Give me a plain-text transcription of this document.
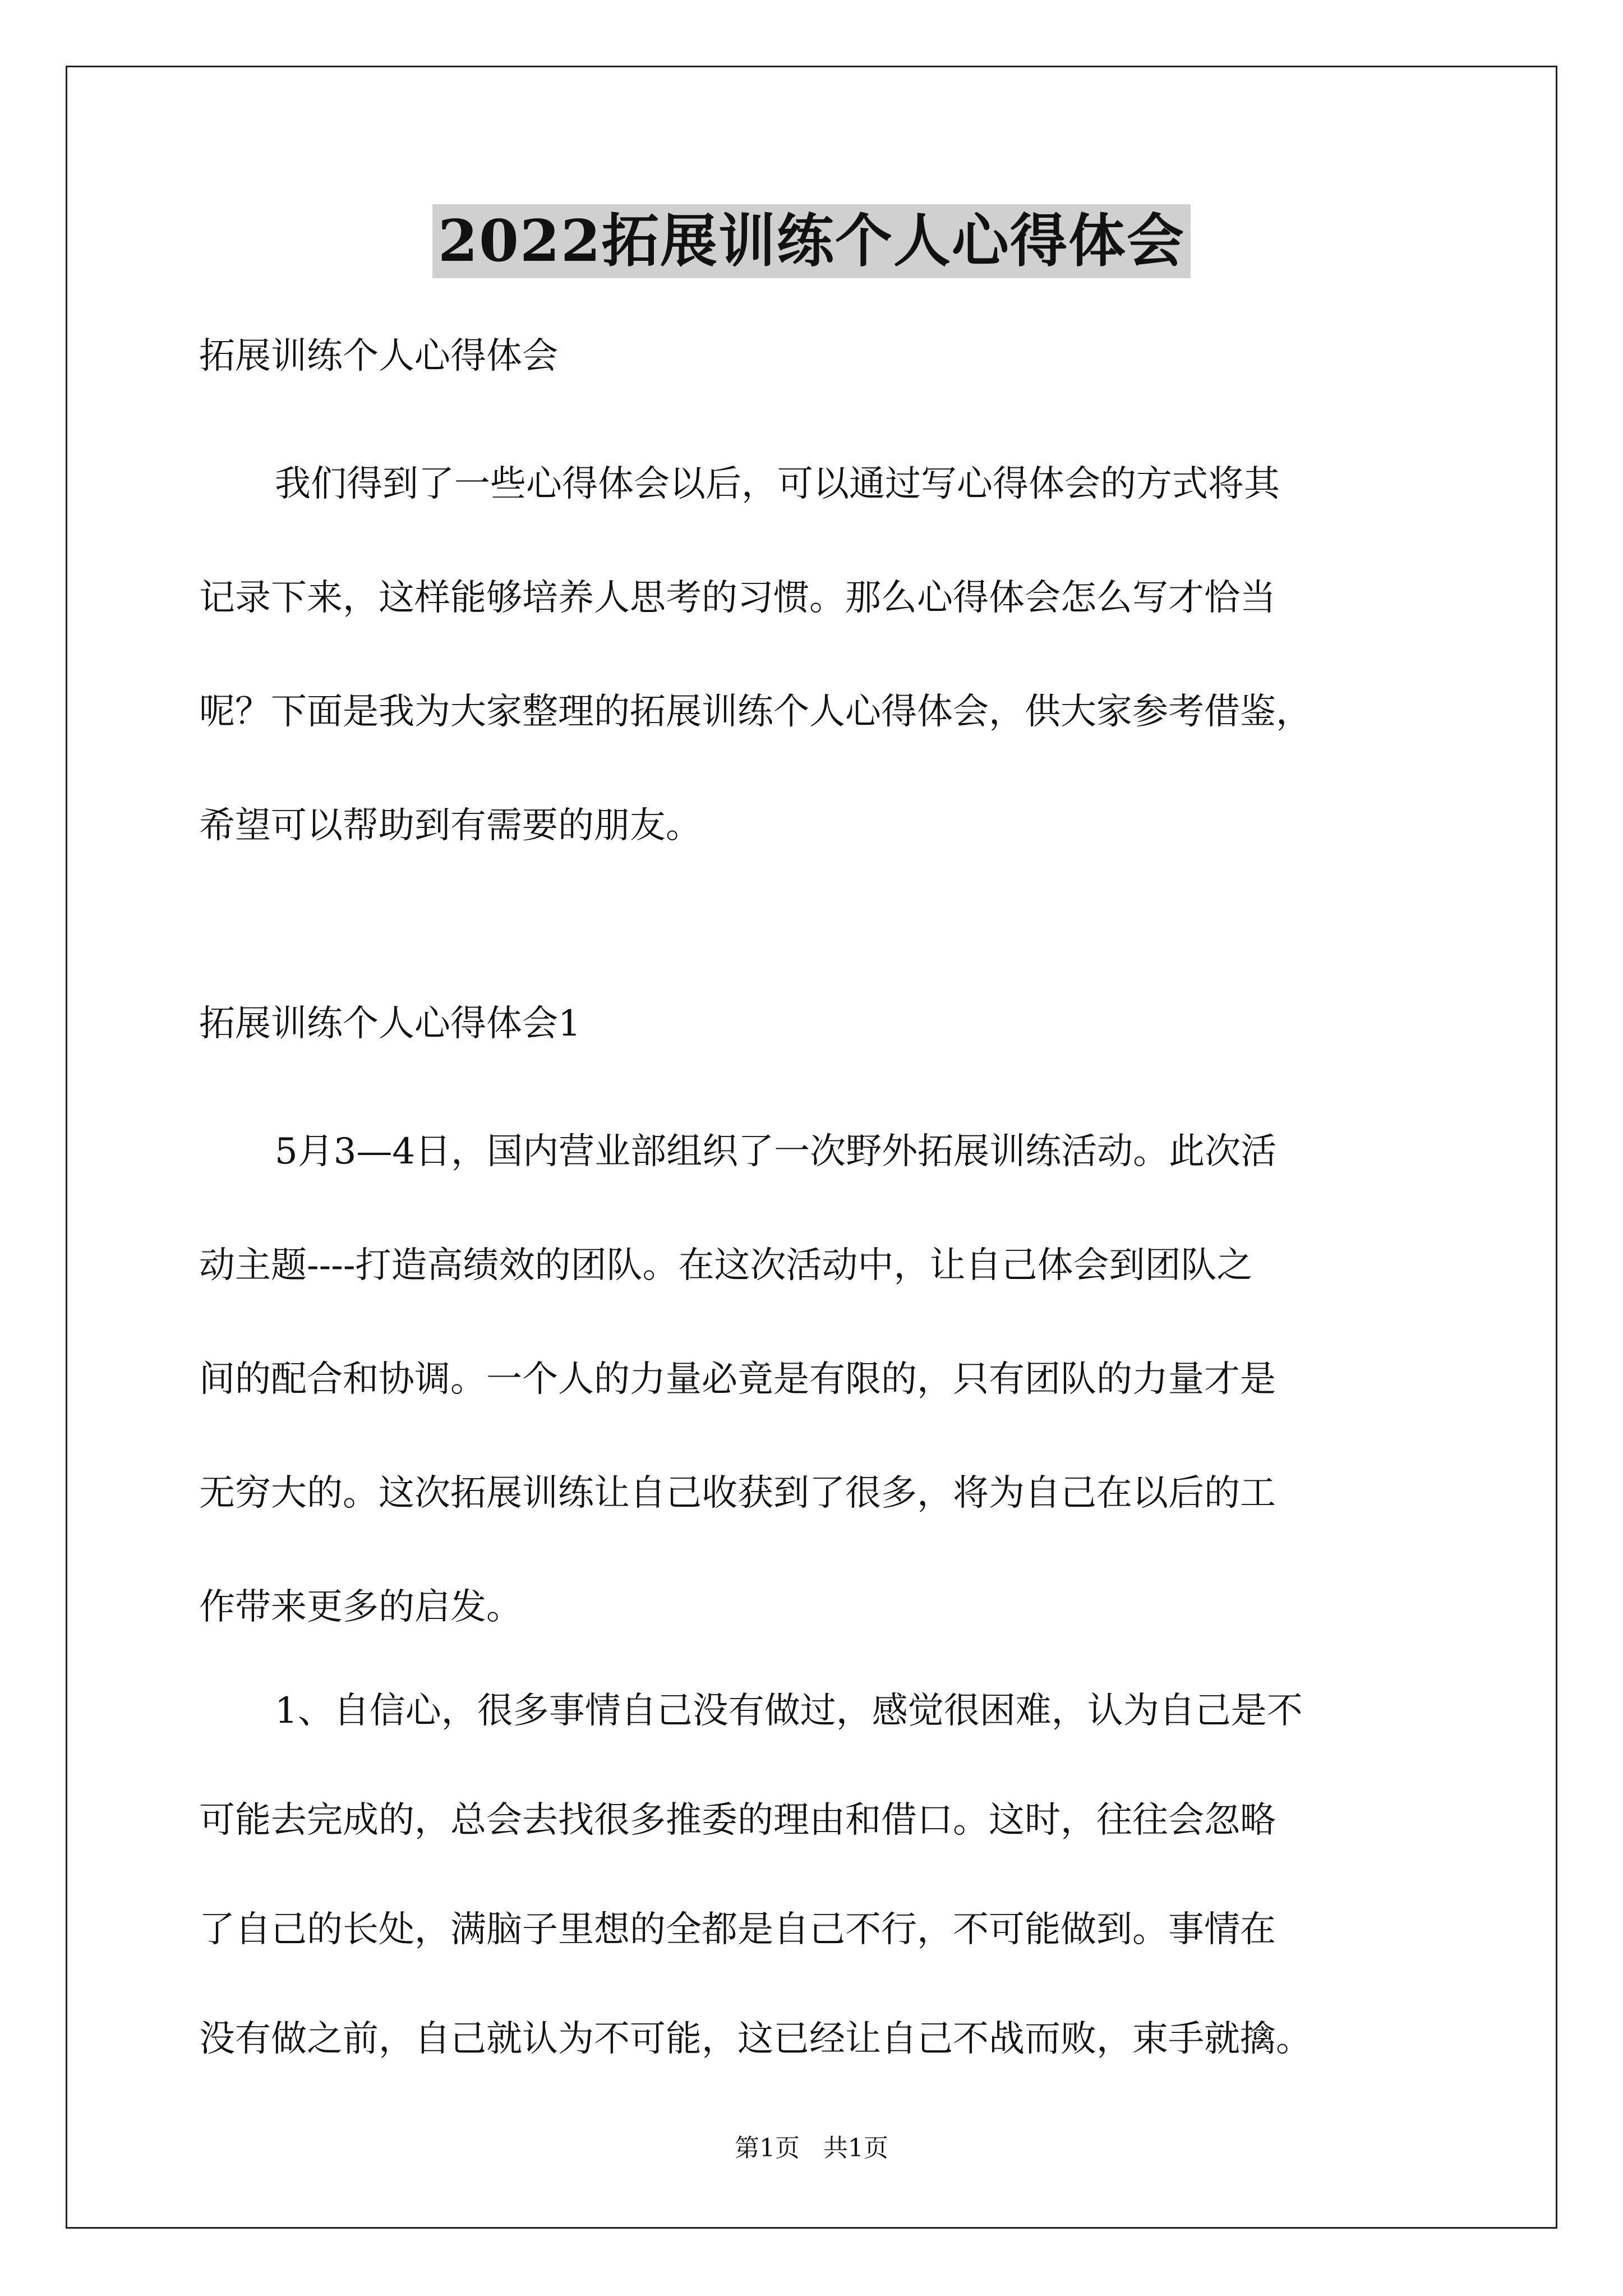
2022拓展训练个人心得体会
拓展训练个人心得体会
我们得到了一些心得体会以后，可以通过写心得体会的方式将其
记录下来，这样能够培养人思考的习惯。那么心得体会怎么写才恰当
呢？下面是我为大家整理的拓展训练个人心得体会，供大家参考借鉴，
希望可以帮助到有需要的朋友。
拓展训练个人心得体会1
5月3—4日，国内营业部组织了一次野外拓展训练活动。此次活
动主题----打造高绩效的团队。在这次活动中，让自己体会到团队之
间的配合和协调。一个人的力量必竟是有限的，只有团队的力量才是
无穷大的。这次拓展训练让自己收获到了很多，将为自己在以后的工
作带来更多的启发。
1、自信心，很多事情自己没有做过，感觉很困难，认为自己是不
可能去完成的，总会去找很多推委的理由和借口。这时，往往会忽略
了自己的长处，满脑子里想的全都是自己不行，不可能做到。事情在
没有做之前，自己就认为不可能，这已经让自己不战而败，束手就擒。
第1页 共1页
